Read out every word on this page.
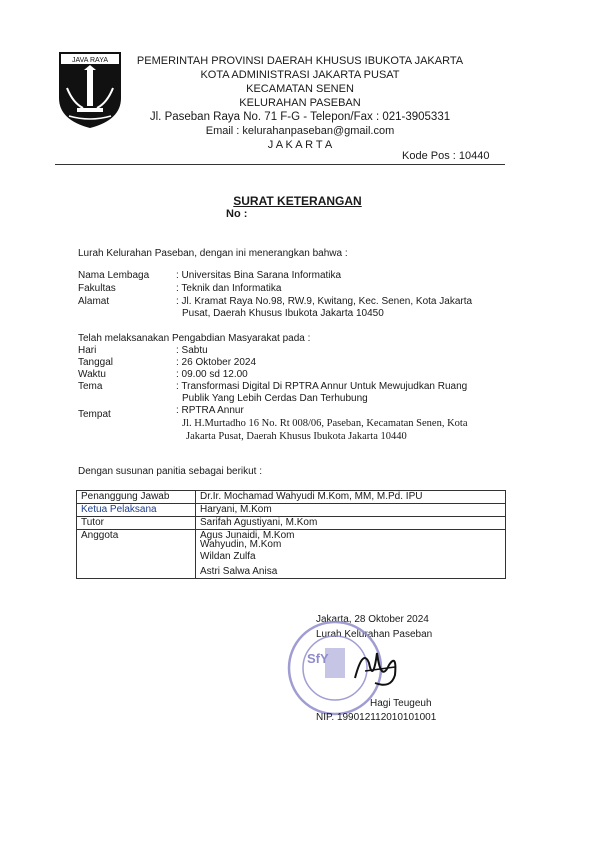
JAVA RAYA	PEMERINTAH PROVINSI DAERAH KHUSUS IBUKOTA JAKARTA
KOTA ADMINISTRASI JAKARTA PUSAT
KECAMATAN SENEN
KELURAHAN PASEBAN
Jl. Paseban Raya No. 71 F-G - Telepon/Fax : 021-3905331
Email : kelurahanpaseban@gmail.com
J A K A R T A
Kode Pos : 10440
SURAT KETERANGAN
No :
Lurah Kelurahan Paseban, dengan ini menerangkan bahwa :
Nama Lembaga	: Universitas Bina Sarana Informatika
Fakultas	: Teknik dan Informatika
Alamat	: Jl. Kramat Raya No.98, RW.9, Kwitang, Kec. Senen, Kota Jakarta
Pusat, Daerah Khusus Ibukota Jakarta 10450
Telah melaksanakan Pengabdian Masyarakat pada :
Hari	: Sabtu
Tanggal	: 26 Oktober 2024
Waktu	: 09.00 sd 12.00
Tema	: Transformasi Digital Di RPTRA Annur Untuk Mewujudkan Ruang
Publik Yang Lebih Cerdas Dan Terhubung
Tempat	: RPTRA Annur
Jl. H.Murtadho 16 No. Rt 008/06, Paseban, Kecamatan Senen, Kota
Jakarta Pusat, Daerah Khusus Ibukota Jakarta 10440
Dengan susunan panitia sebagai berikut :
Penanggung Jawab	Dr.Ir. Mochamad Wahyudi M.Kom, MM, M.Pd. IPU
Ketua Pelaksana	Haryani, M.Kom
Tutor	Sarifah Agustiyani, M.Kom
Anggota	Agus Junaidi, M.Kom
Wahyudin, M.Kom
Wildan Zulfa
Astri Salwa Anisa
Jakarta, 28 Oktober 2024
Lurah Kelurahan Paseban
SfY
Hagi Teugeuh
NIP. 199012112010101001
